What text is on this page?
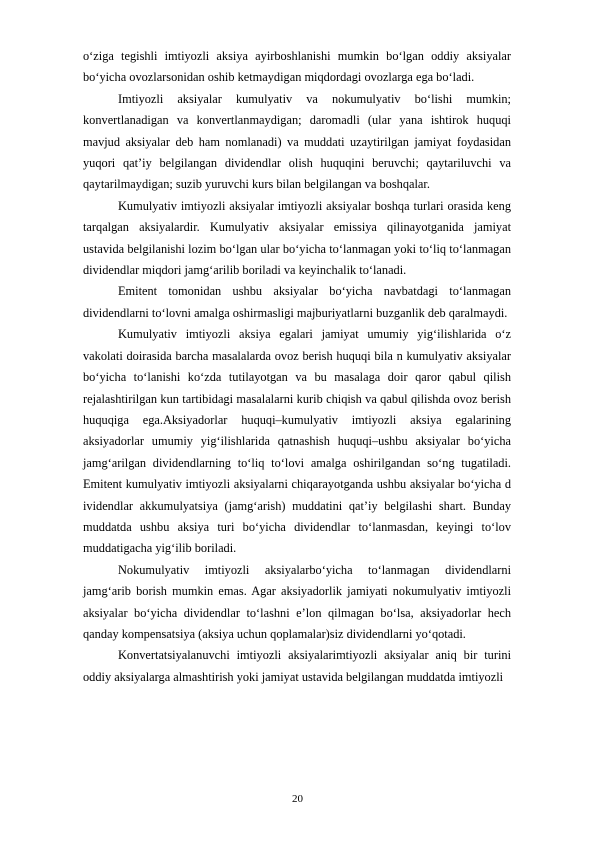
o‘ziga tegishli imtiyozli aksiya ayirboshlanishi mumkin bo‘lgan oddiy aksiyalar bo‘yicha ovozlarsonidan oshib ketmaydigan miqdordagi ovozlarga ega bo‘ladi.

Imtiyozli aksiyalar kumulyativ va nokumulyativ bo‘lishi mumkin; konvertlanadigan va konvertlanmaydigan; daromadli (ular yana ishtirok huquqi mavjud aksiyalar deb ham nomlanadi) va muddati uzaytirilgan jamiyat foydasidan yuqori qat’iy belgilangan dividendlar olish huquqini beruvchi; qaytariluvchi va qaytarilmaydigan; suzib yuruvchi kurs bilan belgilangan va boshqalar.

Kumulyativ imtiyozli aksiyalar imtiyozli aksiyalar boshqa turlari orasida keng tarqalgan aksiyalardir. Kumulyativ aksiyalar emissiya qilinayotganida jamiyat ustavida belgilanishi lozim bo‘lgan ular bo‘yicha to‘lanmagan yoki to‘liq to‘lanmagan dividendlar miqdori jamg‘arilib boriladi va keyinchalik to‘lanadi.

Emitent tomonidan ushbu aksiyalar bo‘yicha navbatdagi to‘lanmagan dividendlarni to‘lovni amalga oshirmasligi majburiyatlarni buzganlik deb qaralmaydi.

Kumulyativ imtiyozli aksiya egalari jamiyat umumiy yig‘ilishlarida o‘z vakolati doirasida barcha masalalarda ovoz berish huquqi bila n kumulyativ aksiyalar bo‘yicha to‘lanishi ko‘zda tutilayotgan va bu masalaga doir qaror qabul qilish rejalashtirilgan kun tartibidagi masalalarni kurib chiqish va qabul qilishda ovoz berish huquqiga ega.Aksiyadorlar huquqi–kumulyativ imtiyozli aksiya egalarining aksiyadorlar umumiy yig‘ilishlarida qatnashish huquqi–ushbu aksiyalar bo‘yicha jamg‘arilgan dividendlarning to‘liq to‘lovi amalga oshirilgandan so‘ng tugatiladi. Emitent kumulyativ imtiyozli aksiyalarni chiqarayotganda ushbu aksiyalar bo‘yicha d ividendlar akkumulyatsiya (jamg‘arish) muddatini qat’iy belgilashi shart. Bunday muddatda ushbu aksiya turi bo‘yicha dividendlar to‘lanmasdan, keyingi to‘lov muddatigacha yig‘ilib boriladi.

Nokumulyativ imtiyozli aksiyalarbo‘yicha to‘lanmagan dividendlarni jamg‘arib borish mumkin emas. Agar aksiyadorlik jamiyati nokumulyativ imtiyozli aksiyalar bo‘yicha dividendlar to‘lashni e’lon qilmagan bo‘lsa, aksiyadorlar hech qanday kompensatsiya (aksiya uchun qoplamalar)siz dividendlarni yo‘qotadi.

Konvertatsiyalanuvchi imtiyozli aksiyalarimtiyozli aksiyalar aniq bir turini oddiy aksiyalarga almashtirish yoki jamiyat ustavida belgilangan muddatda imtiyozli

20
